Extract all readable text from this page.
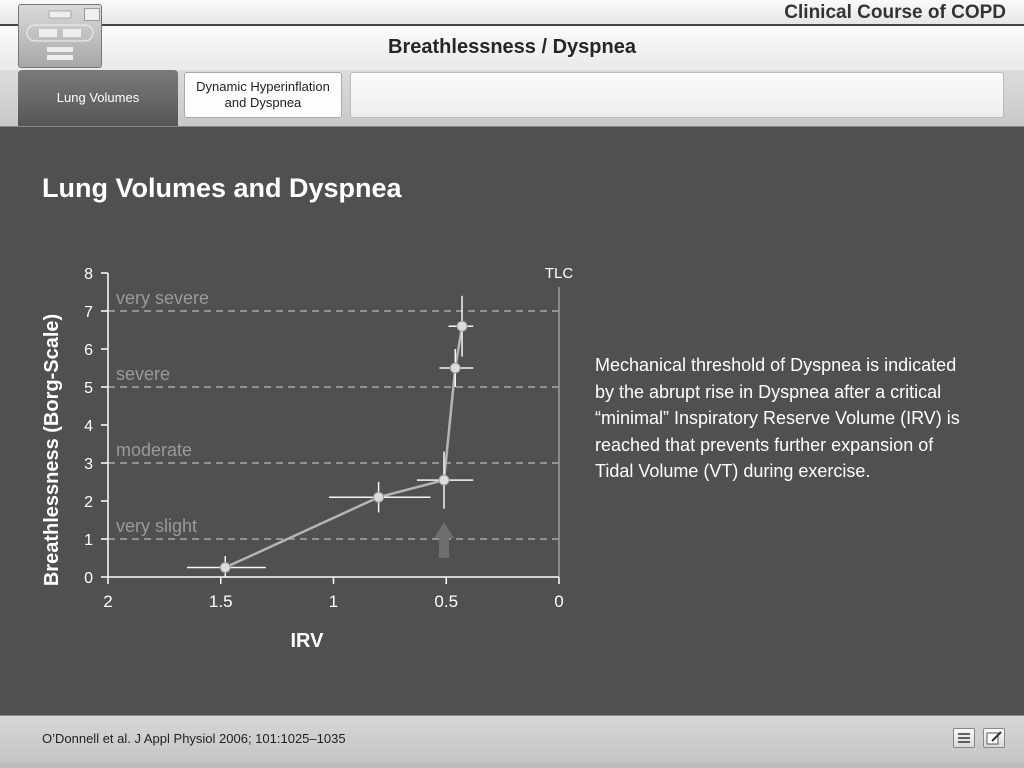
Clinical Course of COPD
Breathlessness / Dyspnea
Lung Volumes
Dynamic Hyperinflation
and Dyspnea
Lung Volumes and Dyspnea
very slight
moderate
severe
very severe
0
1
2
3
4
5
6
7
8
2	1.5	1	0.5	0
IRV
Breathlessness (Borg-Scale)
TLC
Mechanical threshold of Dyspnea is indicated by the abrupt rise in Dyspnea after a critical “minimal” Inspiratory Reserve Volume (IRV) is reached that prevents further expansion of Tidal Volume (VT) during exercise.
O’Donnell et al. J Appl Physiol 2006; 101:1025–1035
